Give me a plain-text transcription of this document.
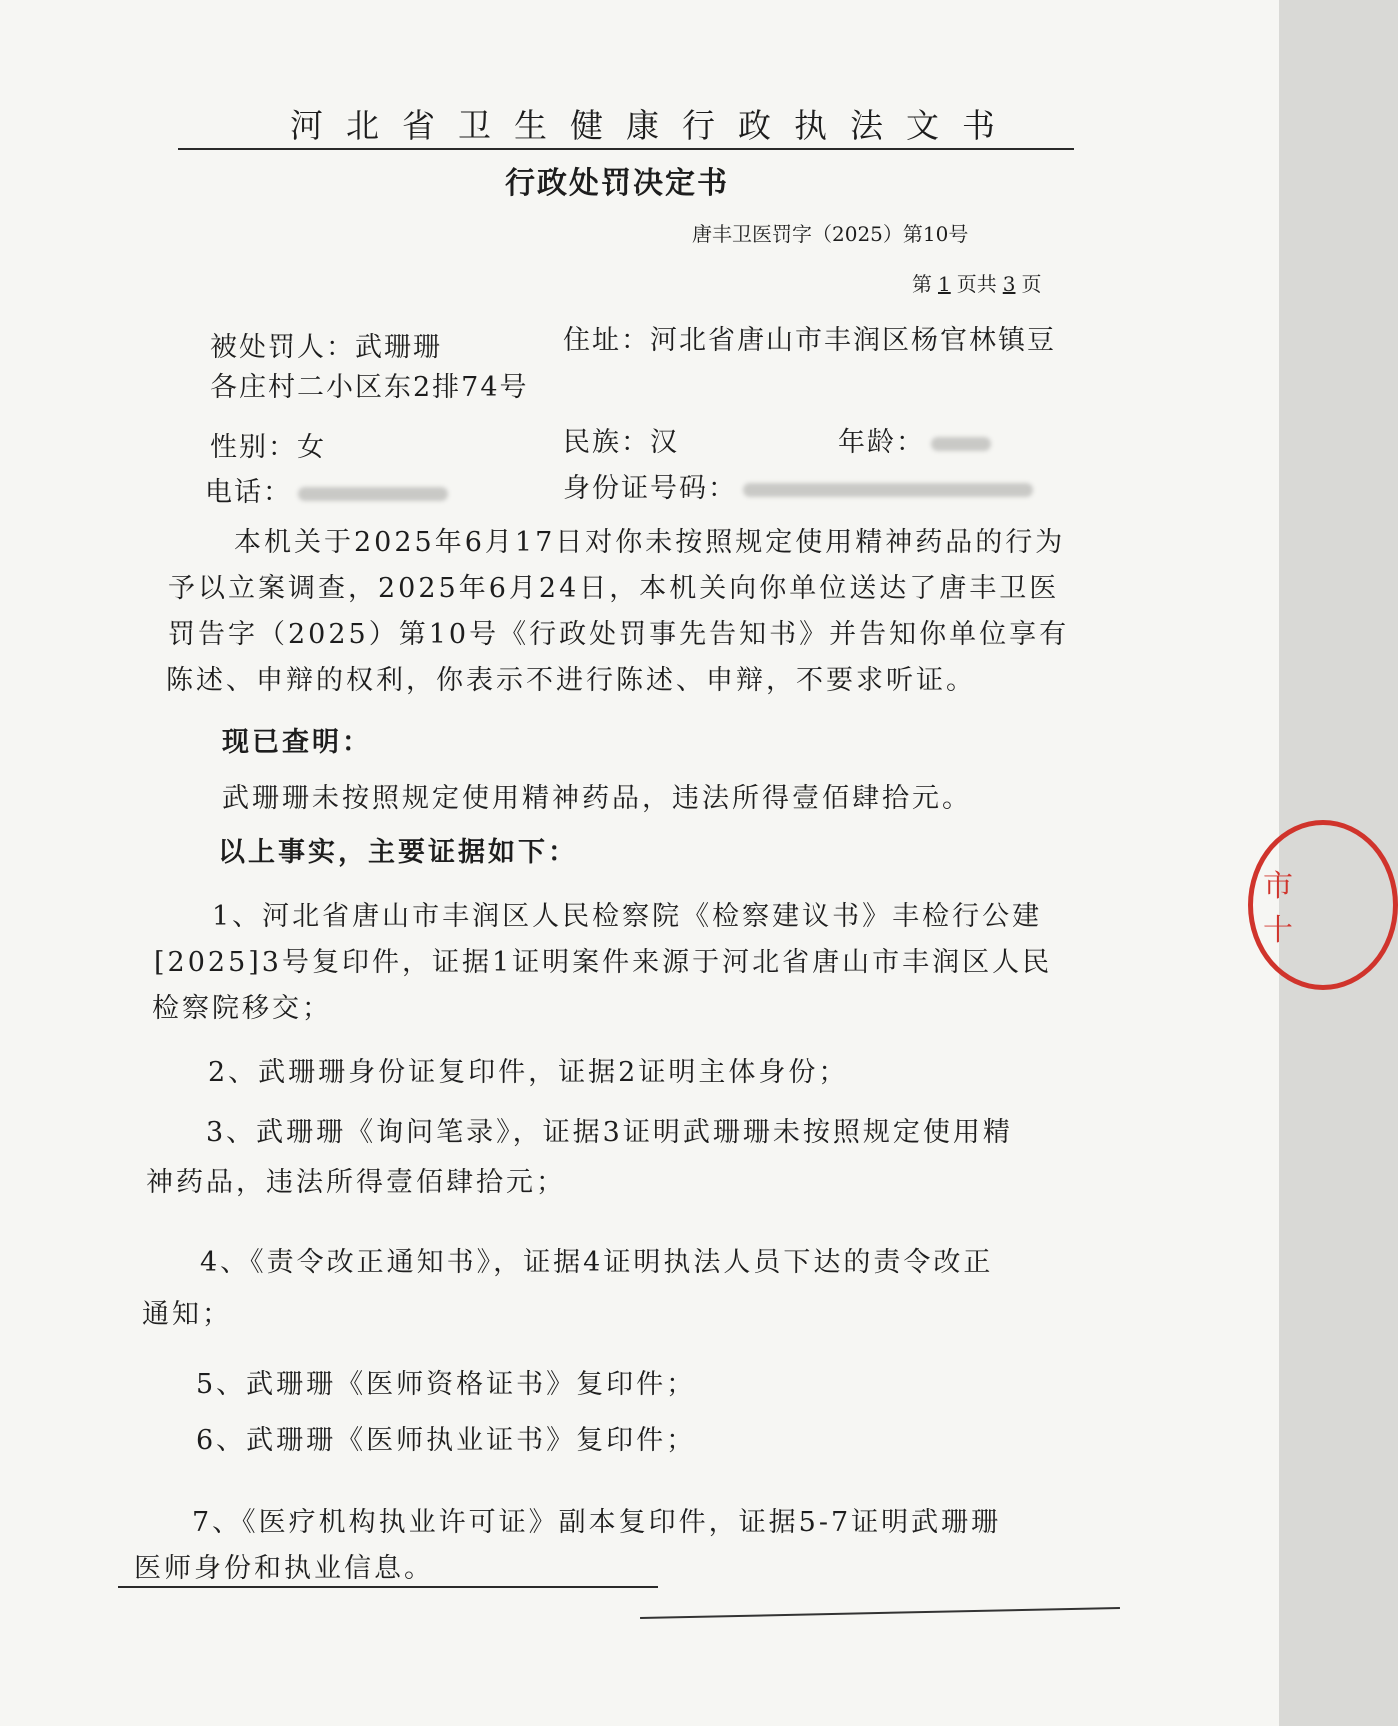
河北省卫生健康行政执法文书
行政处罚决定书
唐丰卫医罚字（2025）第10号
第 1 页共 3 页
被处罚人：武珊珊	住址：河北省唐山市丰润区杨官林镇豆
各庄村二小区东2排74号
性别：女	民族：汉	年龄：
电话：	身份证号码：
本机关于2025年6月17日对你未按照规定使用精神药品的行为
予以立案调查，2025年6月24日，本机关向你单位送达了唐丰卫医
罚告字（2025）第10号《行政处罚事先告知书》并告知你单位享有
陈述、申辩的权利，你表示不进行陈述、申辩，不要求听证。
现已查明：
武珊珊未按照规定使用精神药品，违法所得壹佰肆拾元。
以上事实，主要证据如下：
1、河北省唐山市丰润区人民检察院《检察建议书》丰检行公建
[2025]3号复印件，证据1证明案件来源于河北省唐山市丰润区人民
检察院移交；
2、武珊珊身份证复印件，证据2证明主体身份；
3、武珊珊《询问笔录》，证据3证明武珊珊未按照规定使用精
神药品，违法所得壹佰肆拾元；
4、《责令改正通知书》，证据4证明执法人员下达的责令改正
通知；
5、武珊珊《医师资格证书》复印件；
6、武珊珊《医师执业证书》复印件；
7、《医疗机构执业许可证》副本复印件，证据5-7证明武珊珊
医师身份和执业信息。
市
十
